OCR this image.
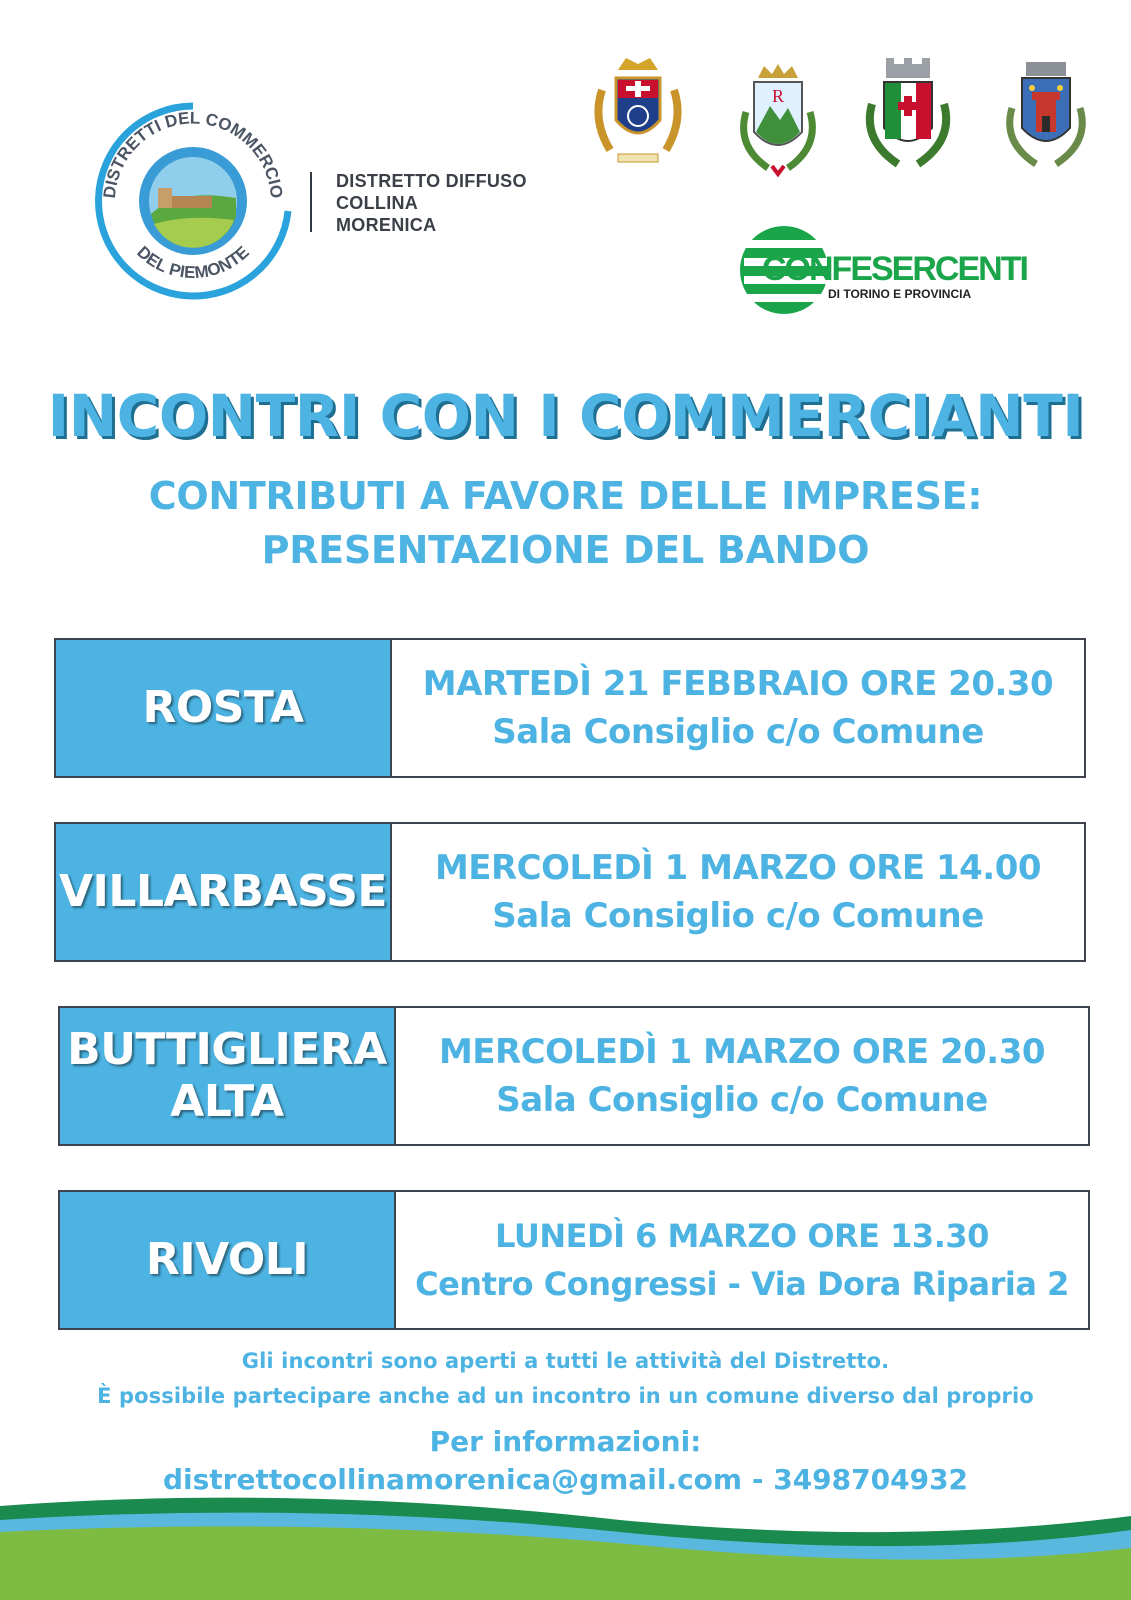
DISTRETTI DEL COMMERCIO
DEL PIEMONTE
DISTRETTO DIFFUSO
COLLINA
MORENICA
R
CONFESERCENTI
DI TORINO E PROVINCIA
INCONTRI CON I COMMERCIANTI
CONTRIBUTI A FAVORE DELLE IMPRESE:
PRESENTAZIONE DEL BANDO
ROSTA	MARTEDÌ 21 FEBBRAIO ORE 20.30
Sala Consiglio c/o Comune
VILLARBASSE MERCOLEDÌ 1 MARZO ORE 14.00
Sala Consiglio c/o Comune
BUTTIGLIERA
ALTA
MERCOLEDÌ 1 MARZO ORE 20.30
Sala Consiglio c/o Comune
RIVOLI	LUNEDÌ 6 MARZO ORE 13.30
Centro Congressi - Via Dora Riparia 2
Gli incontri sono aperti a tutti le attività del Distretto.
È possibile partecipare anche ad un incontro in un comune diverso dal proprio
Per informazioni:
distrettocollinamorenica@gmail.com - 3498704932
